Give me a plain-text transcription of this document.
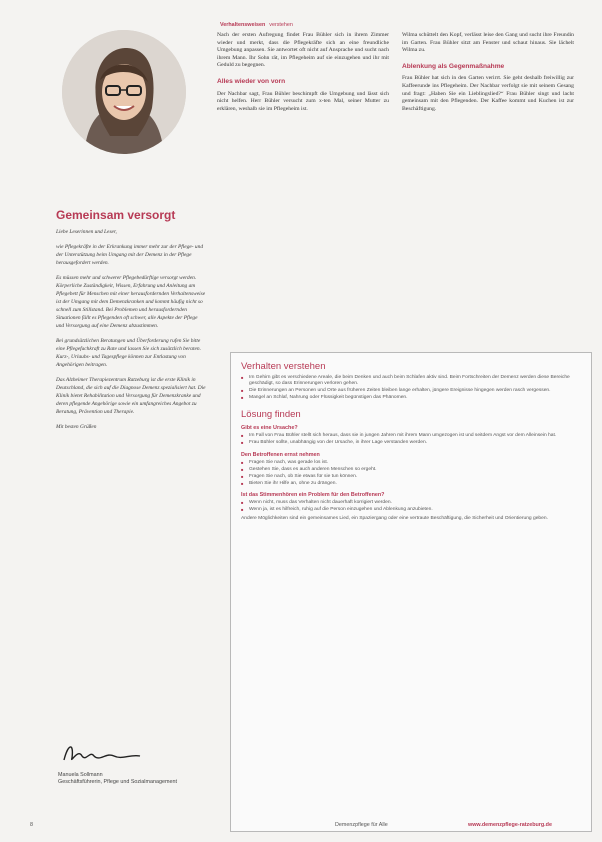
Verhaltensweisen verstehen
Gemeinsam versorgt

Liebe Leserinnen und Leser,

wie Pflegekräfte in der Erkrankung immer mehr zur der Pflege- und der Unterstützung beim Umgang mit der Demenz in der Pflege herausgefordert werden.

Es müssen mehr und schwerer Pflegebedürftige versorgt werden. Körperliche Zuständigkeit, Wissen, Erfahrung und Anleitung am Pflegebett für Menschen mit einer herausfordernden Verhaltensweise ist der Umgang mit dem Demenzkranken und kommt häufig nicht so schnell zum Stillstand. Bei Problemen und herausfordernden Situationen fällt es Pflegenden oft schwer, alle Aspekte der Pflege und Versorgung auf eine Demenz abzustimmen.

Bei grundsätzlichen Beratungen und Überforderung rufen Sie bitte eine Pflegefachkraft zu Rate und lassen Sie sich zusätzlich beraten. Kurz-, Urlaubs- und Tagespflege können zur Entlastung von Angehörigen beitragen.

Das Alzheimer Therapiezentrum Ratzeburg ist die erste Klinik in Deutschland, die sich auf die Diagnose Demenz spezialisiert hat. Die Klinik bietet Rehabilitation und Versorgung für Demenzkranke und deren pflegende Angehörige sowie ein umfangreiches Angebot zu Beratung, Prävention und Therapie.

Mit besten Grüßen

Manuela Sollmann
Geschäftsführerin, Pflege und Sozialmanagement

Nach der ersten Aufregung findet Frau Bühler sich in ihrem Zimmer wieder und merkt, dass die Pflegekräfte sich an eine freundliche Umgebung anpassen. Sie antwortet oft nicht auf Ansprache und sucht nach ihrem Mann. Ihr Sohn rät, im Pflegeheim auf sie einzugehen und ihr mit Geduld zu begegnen.

Alles wieder von vorn

Der Nachbar sagt, Frau Bühler beschimpft die Umgebung und lässt sich nicht helfen. Herr Bühler versucht zum x-ten Mal, seiner Mutter zu erklären, weshalb sie im Pflegeheim ist.

Wilma schüttelt den Kopf, verlässt leise den Gang und sucht ihre Freundin im Garten. Frau Bühler sitzt am Fenster und schaut hinaus. Sie lächelt Wilma zu.

Ablenkung als Gegenmaßnahme

Frau Bühler hat sich in den Garten verirrt. Sie geht deshalb freiwillig zur Kaffeerunde ins Pflegeheim. Der Nachbar verfolgt sie mit seinem Gesang und fragt: „Haben Sie ein Lieblingslied?“ Frau Bühler singt und lacht gemeinsam mit den Pflegenden. Der Kaffee kommt und Kuchen ist zur Beschäftigung.

Verhalten verstehen
■ Im Gehirn gibt es verschiedene Areale, die beim Denken und auch beim Schlafen aktiv sind. Beim Fortschreiten der Demenz werden diese Bereiche geschädigt, so dass Erinnerungen verloren gehen.
■ Die Erinnerungen an Personen und Orte aus früheren Zeiten bleiben lange erhalten, jüngere Ereignisse hingegen werden rasch vergessen.
■ Mangel an Schlaf, Nahrung oder Flüssigkeit begünstigen das Phänomen.
Lösung finden
Gibt es eine Ursache?
■ Im Fall von Frau Bühler stellt sich heraus, dass sie in jungen Jahren mit ihrem Mann umgezogen ist und seitdem Angst vor dem Alleinsein hat.
■ Frau Bühler sollte, unabhängig von der Ursache, in ihrer Lage verstanden werden.
Den Betroffenen ernst nehmen
■ Fragen Sie nach, was gerade los ist.
■ Gestehen Sie, dass es auch anderen Menschen so ergeht.
■ Fragen Sie nach, ob Sie etwas für sie tun können.
■ Bieten Sie ihr Hilfe an, ohne zu drängen.
Ist das Stimmenhören ein Problem für den Betroffenen?
■ Wenn nicht, muss das Verhalten nicht dauerhaft korrigiert werden.
■ Wenn ja, ist es hilfreich, ruhig auf die Person einzugehen und Ablenkung anzubieten.

Andere Möglichkeiten sind ein gemeinsames Lied, ein Spaziergang oder eine vertraute Beschäftigung, die Sicherheit und Orientierung geben.

8	Demenzpflege für Alle	www.demenzpflege-ratzeburg.de
